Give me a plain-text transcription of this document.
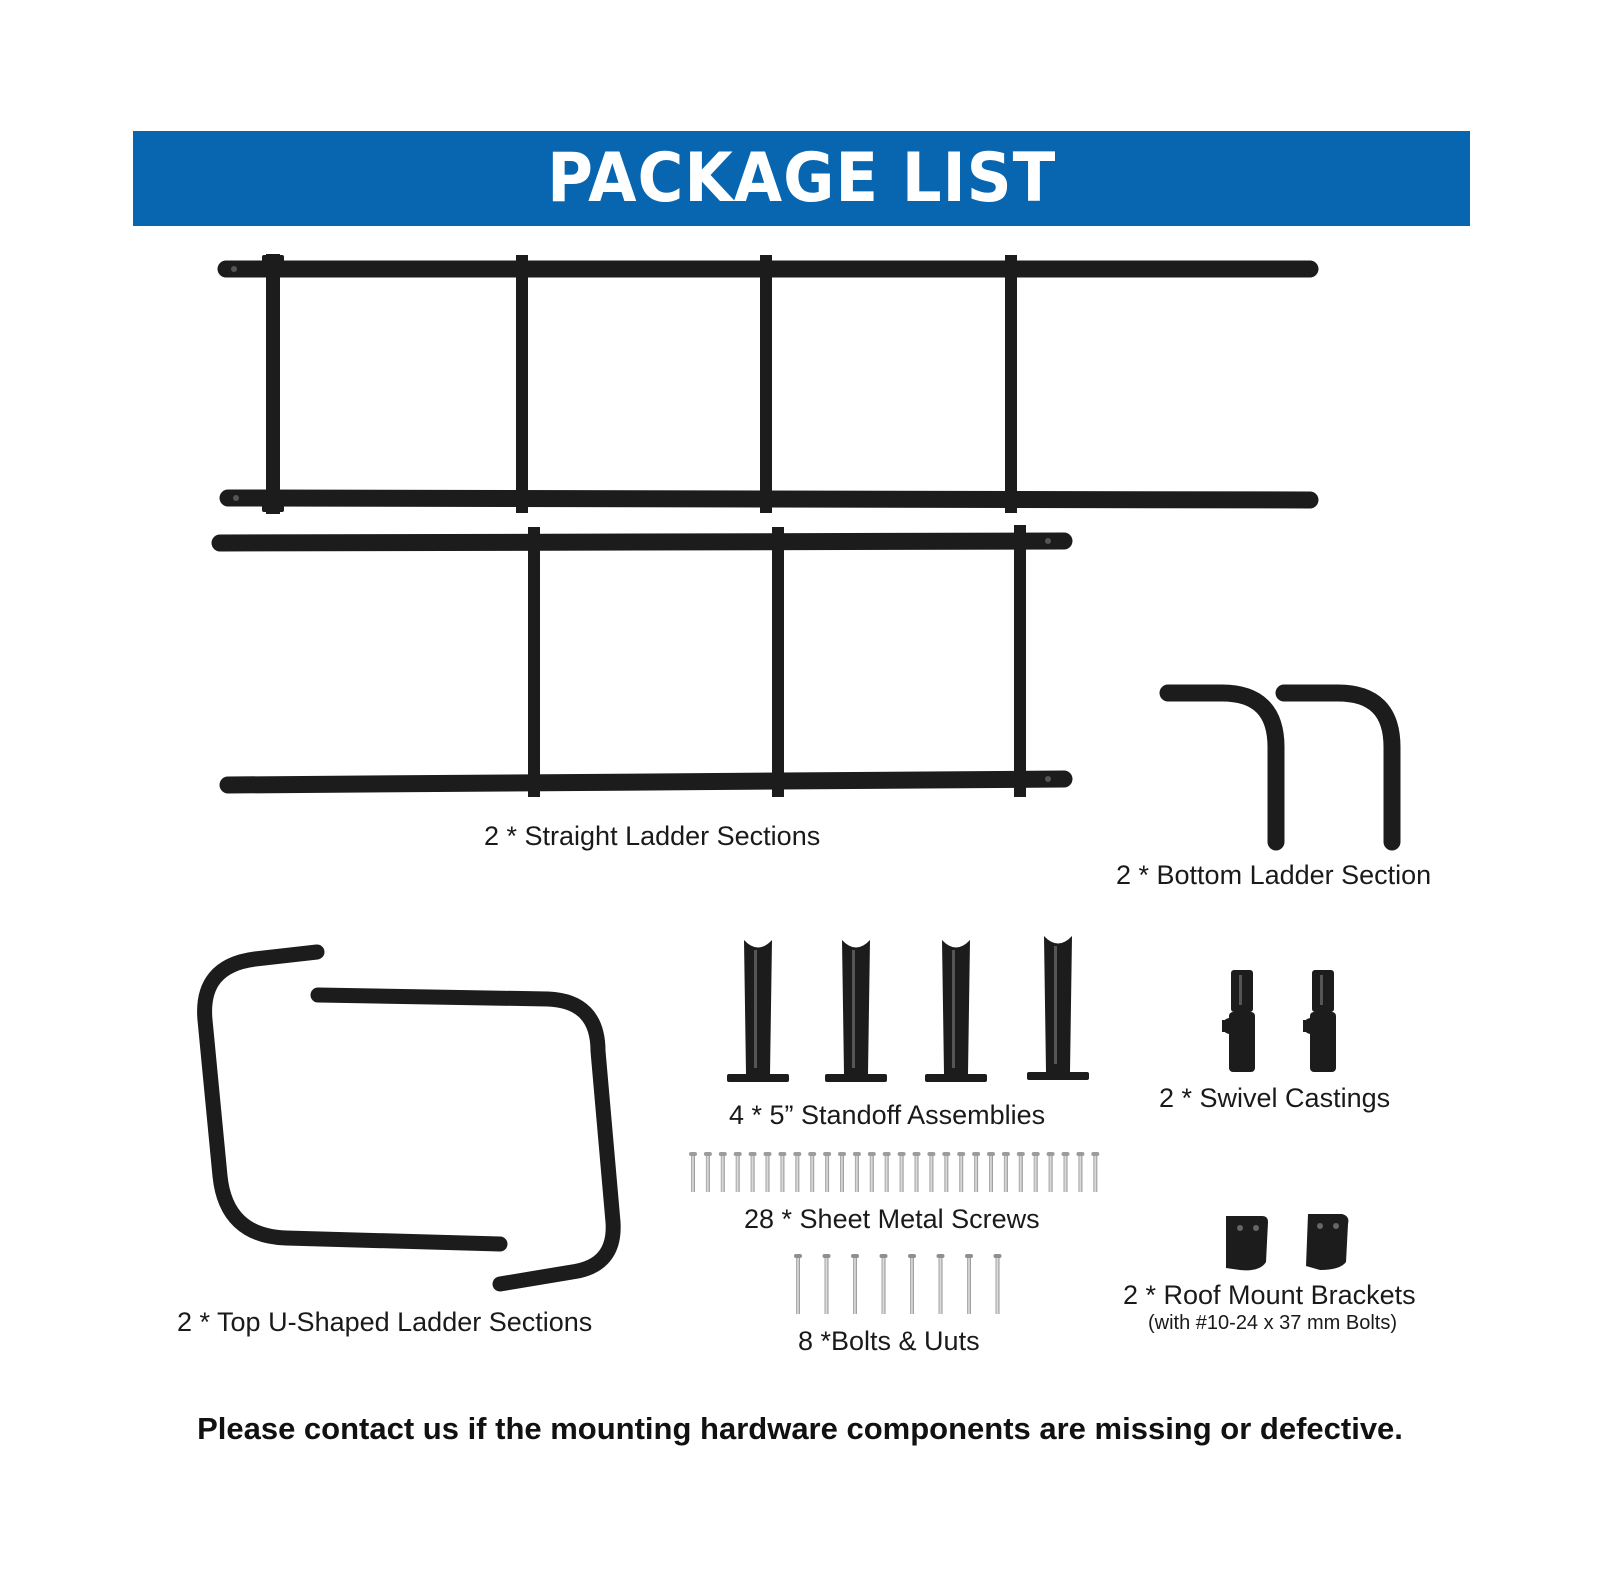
PACKAGE LIST
2 * Straight Ladder Sections
2 * Bottom Ladder Section
4 * 5” Standoff Assemblies
2 * Swivel Castings
28 * Sheet Metal Screws
2 * Top U-Shaped Ladder Sections
2 * Roof Mount Brackets
(with #10-24 x 37 mm Bolts)
8 *Bolts & Uuts
Please contact us if the mounting hardware components are missing or defective.
